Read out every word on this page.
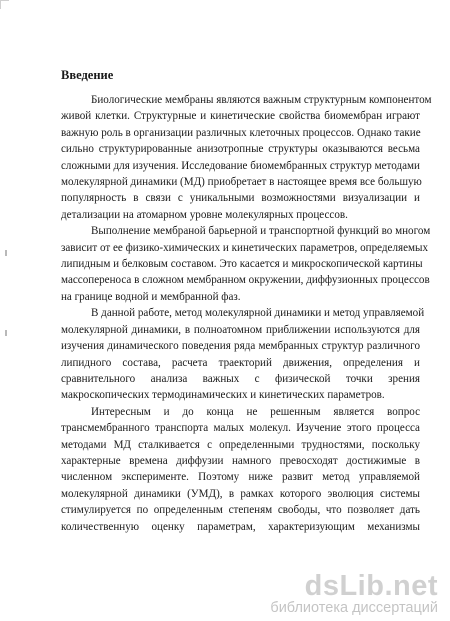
Введение
Биологические мембраны являются важным структурным компонентом
живой клетки. Структурные и кинетические свойства биомембран играют
важную роль в организации различных клеточных процессов. Однако такие
сильно структурированные анизотропные структуры оказываются весьма
сложными для изучения. Исследование биомембранных структур методами
молекулярной динамики (МД) приобретает в настоящее время все большую
популярность в связи с уникальными возможностями визуализации и
детализации на атомарном уровне молекулярных процессов.
Выполнение мембраной барьерной и транспортной функций во многом
зависит от ее физико-химических и кинетических параметров, определяемых
липидным и белковым составом. Это касается и микроскопической картины
массопереноса в сложном мембранном окружении, диффузионных процессов
на границе водной и мембранной фаз.
В данной работе, метод молекулярной динамики и метод управляемой
молекулярной динамики, в полноатомном приближении используются для
изучения динамического поведения ряда мембранных структур различного
липидного состава, расчета траекторий движения, определения и
сравнительного анализа важных с физической точки зрения
макроскопических термодинамических и кинетических параметров.
Интересным и до конца не решенным является вопрос
трансмембранного транспорта малых молекул. Изучение этого процесса
методами МД сталкивается с определенными трудностями, поскольку
характерные времена диффузии намного превосходят достижимые в
численном эксперименте. Поэтому ниже развит метод управляемой
молекулярной динамики (УМД), в рамках которого эволюция системы
стимулируется по определенным степеням свободы, что позволяет дать
количественную оценку параметрам, характеризующим механизмы
dsLib.net
библиотека диссертаций
